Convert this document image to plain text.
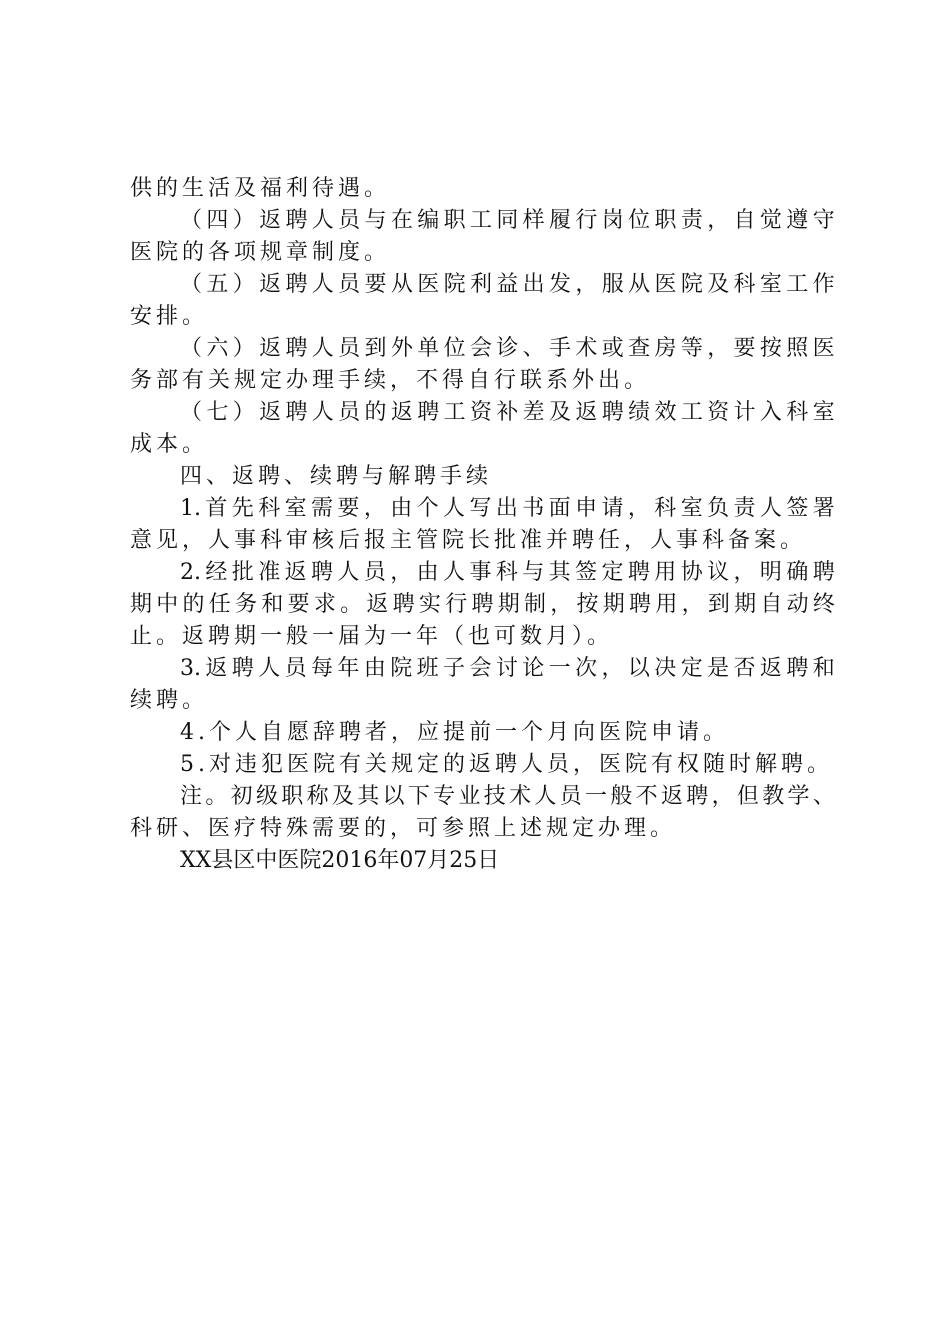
供的生活及福利待遇。
（ 四 ） 返 聘 人 员 与 在 编 职 工 同 样 履 行 岗 位 职 责 ， 自 觉 遵 守
医院的各项规章制度。
（ 五 ） 返 聘 人 员 要 从 医 院 利 益 出 发 ， 服 从 医 院 及 科 室 工 作
安排。
（ 六 ） 返 聘 人 员 到 外 单 位 会 诊 、 手 术 或 查 房 等 ， 要 按 照 医
务部有关规定办理手续，不得自行联系外出。
（ 七 ） 返 聘 人 员 的 返 聘 工 资 补 差 及 返 聘 绩 效 工 资 计 入 科 室
成本。
四、返聘、续聘与解聘手续
1. 首 先 科 室 需 要 ， 由 个 人 写 出 书 面 申 请 ， 科 室 负 责 人 签 署
意见，人事科审核后报主管院长批准并聘任，人事科备案。
2. 经 批 准 返 聘 人 员 ， 由 人 事 科 与 其 签 定 聘 用 协 议 ， 明 确 聘
期 中 的 任 务 和 要 求 。 返 聘 实 行 聘 期 制 ， 按 期 聘 用 ， 到 期 自 动 终
止。返聘期一般一届为一年（也可数月）。
3. 返 聘 人 员 每 年 由 院 班 子 会 讨 论 一 次 ， 以 决 定 是 否 返 聘 和
续聘。
4.个人自愿辞聘者，应提前一个月向医院申请。
5.对违犯医院有关规定的返聘人员，医院有权随时解聘。
注 。 初 级 职 称 及 其 以 下 专 业 技 术 人 员 一 般 不 返 聘 ， 但 教 学 、
科研、医疗特殊需要的，可参照上述规定办理。
XX县区中医院2016年07月25日
